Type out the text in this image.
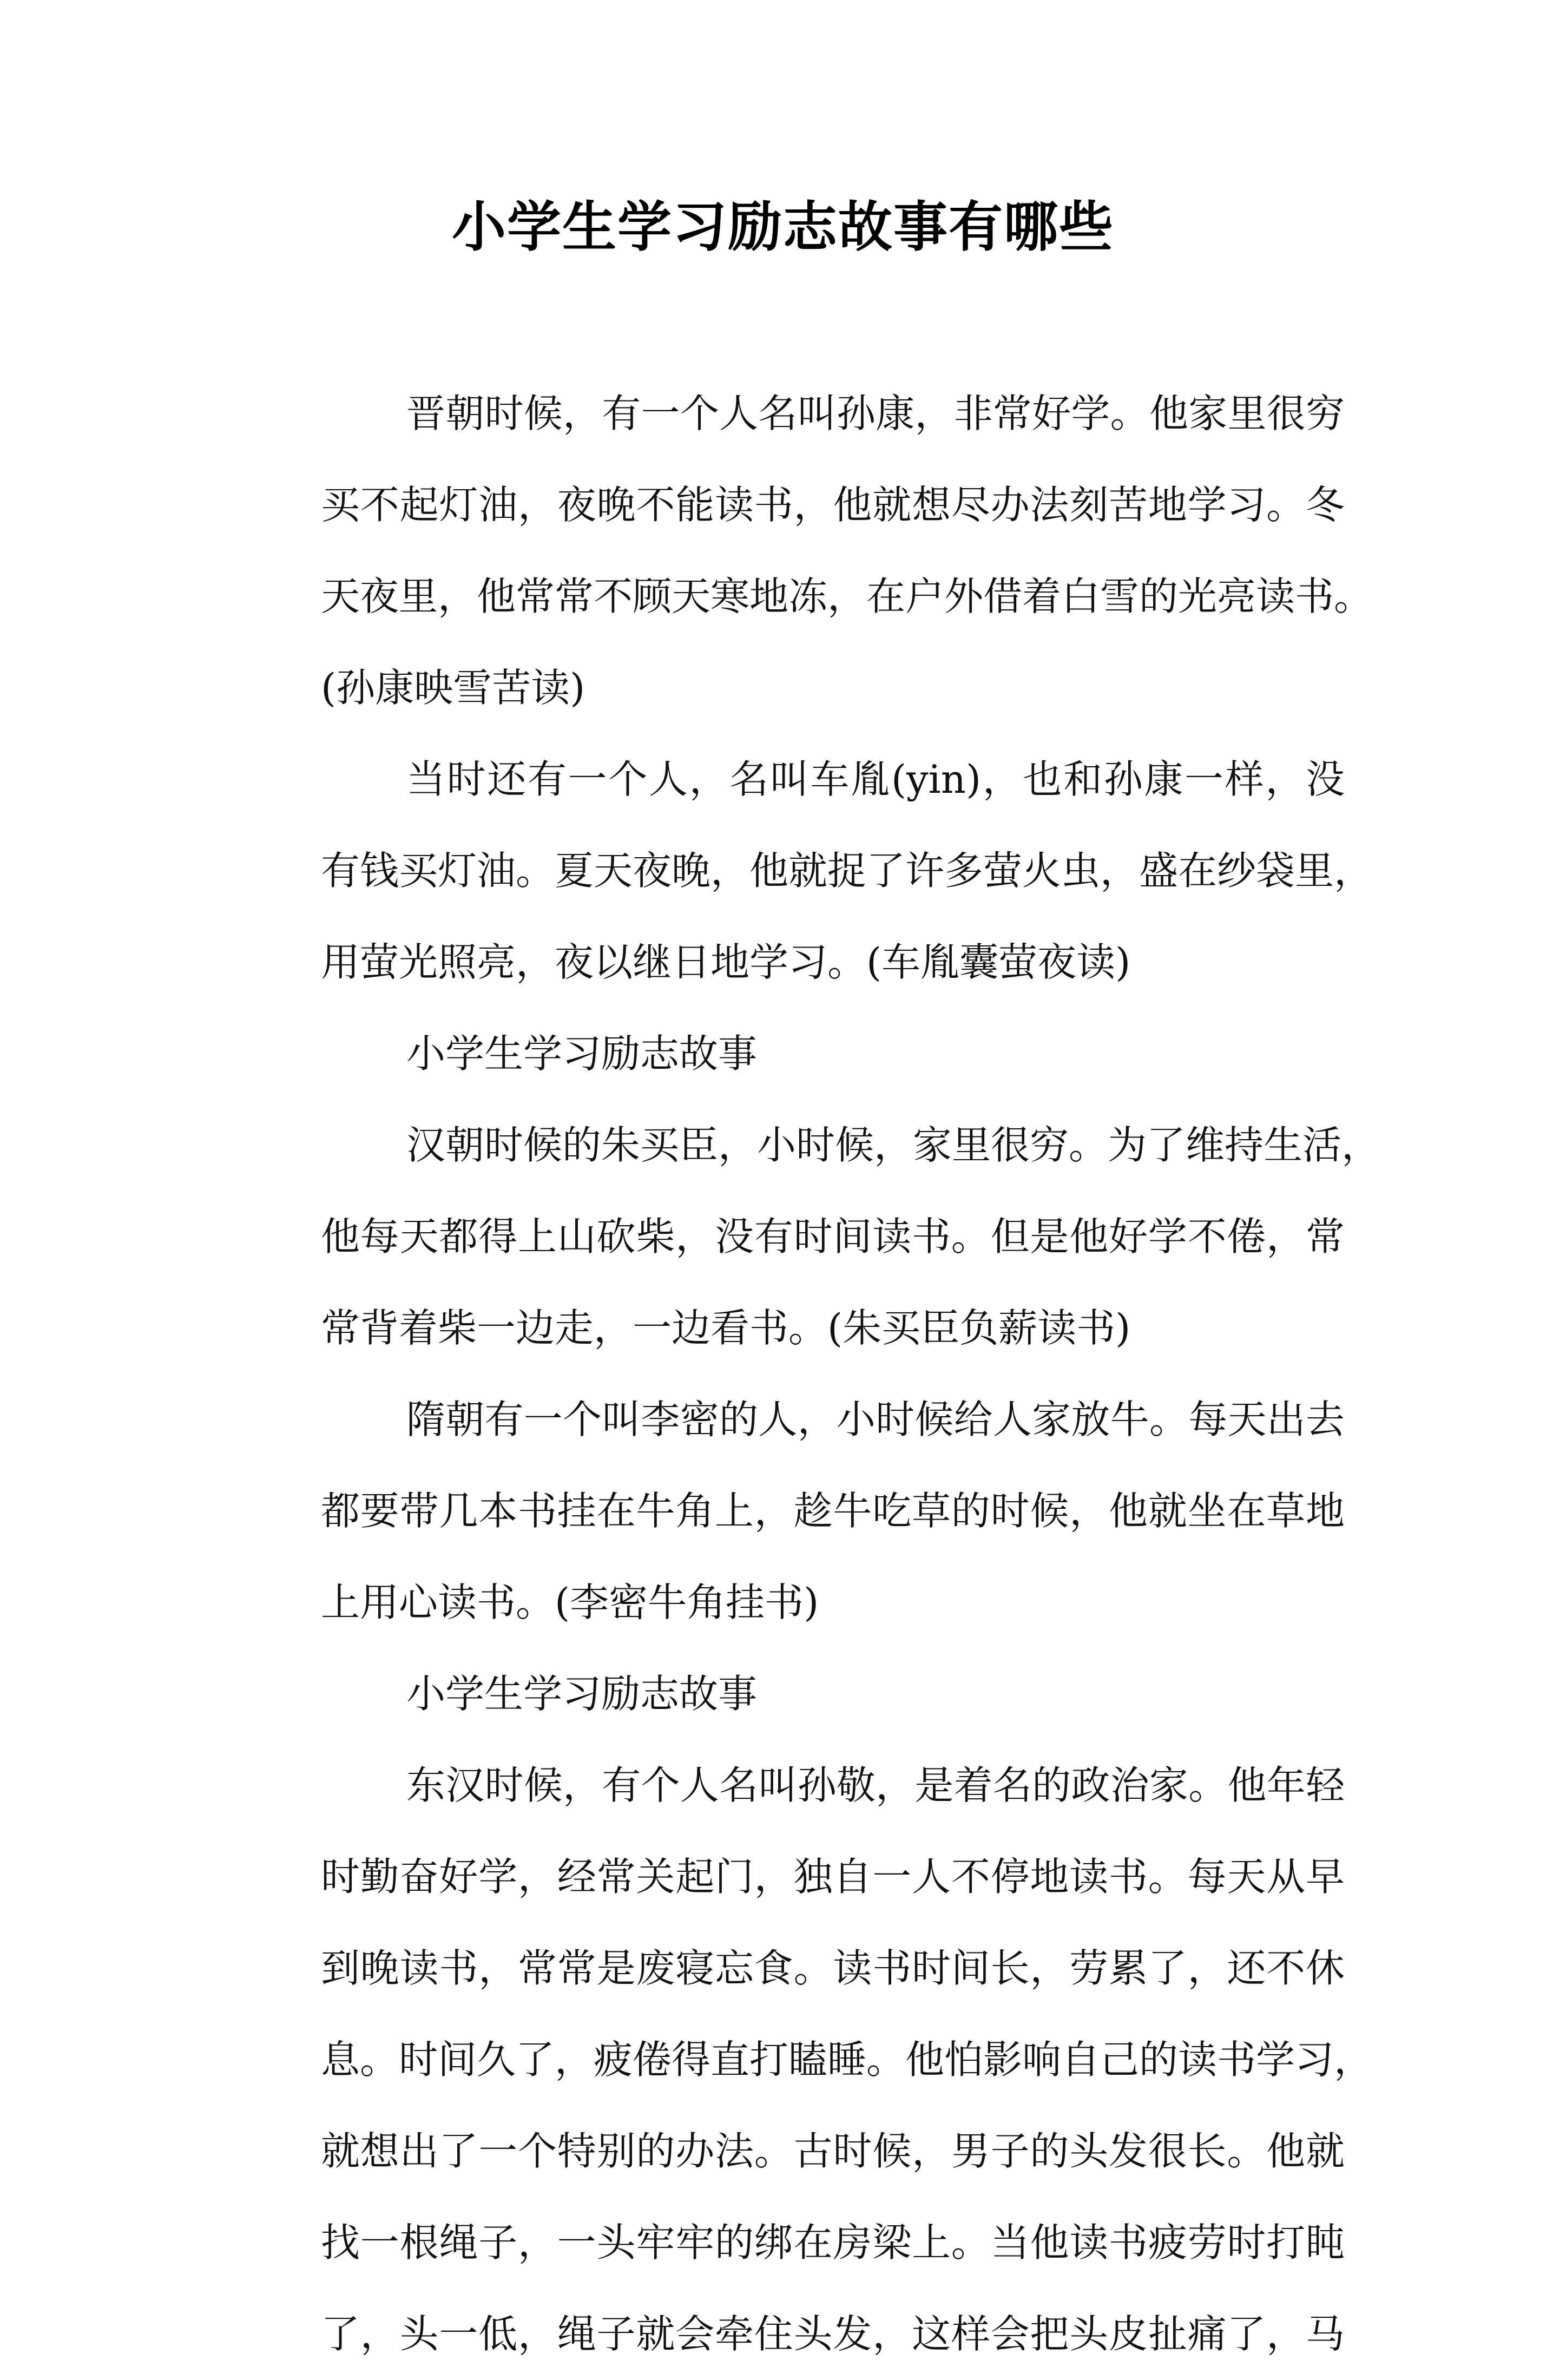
小学生学习励志故事有哪些
晋朝时候，有一个人名叫孙康，非常好学。他家里很穷
买不起灯油，夜晚不能读书，他就想尽办法刻苦地学习。冬
天夜里，他常常不顾天寒地冻，在户外借着白雪的光亮读书。
(孙康映雪苦读)
当时还有一个人，名叫车胤(yin)，也和孙康一样，没
有钱买灯油。夏天夜晚，他就捉了许多萤火虫，盛在纱袋里，
用萤光照亮，夜以继日地学习。(车胤囊萤夜读)
小学生学习励志故事
汉朝时候的朱买臣，小时候，家里很穷。为了维持生活，
他每天都得上山砍柴，没有时间读书。但是他好学不倦，常
常背着柴一边走，一边看书。(朱买臣负薪读书)
隋朝有一个叫李密的人，小时候给人家放牛。每天出去
都要带几本书挂在牛角上，趁牛吃草的时候，他就坐在草地
上用心读书。(李密牛角挂书)
小学生学习励志故事
东汉时候，有个人名叫孙敬，是着名的政治家。他年轻
时勤奋好学，经常关起门，独自一人不停地读书。每天从早
到晚读书，常常是废寝忘食。读书时间长，劳累了，还不休
息。时间久了，疲倦得直打瞌睡。他怕影响自己的读书学习，
就想出了一个特别的办法。古时候，男子的头发很长。他就
找一根绳子，一头牢牢的绑在房梁上。当他读书疲劳时打盹
了，头一低，绳子就会牵住头发，这样会把头皮扯痛了，马
